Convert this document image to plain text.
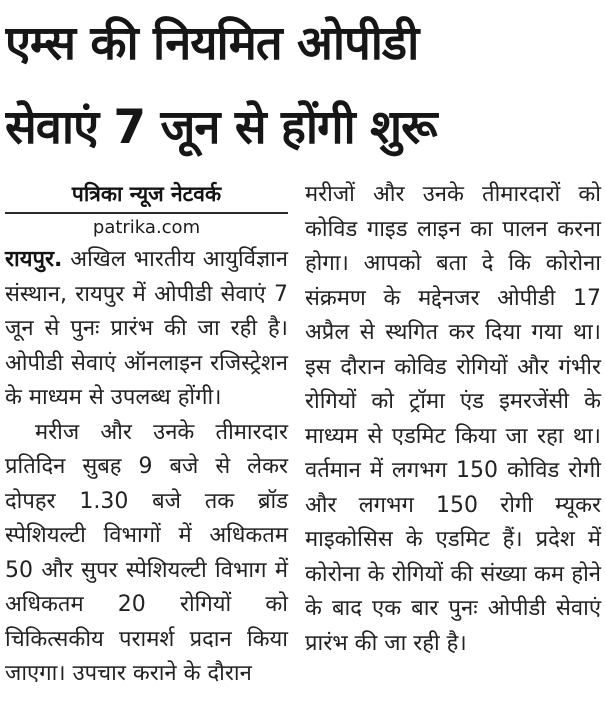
एम्स की नियमित ओपीडी
सेवाएं 7 जून से होंगी शुरू
पत्रिका न्यूज नेटवर्क
patrika.com

रायपुर. अखिल भारतीय आयुर्विज्ञान संस्थान, रायपुर में ओपीडी सेवाएं 7 जून से पुनः प्रारंभ की जा रही है। ओपीडी सेवाएं ऑनलाइन रजिस्ट्रेशन के माध्यम से उपलब्ध होंगी।

मरीज और उनके तीमारदार प्रतिदिन सुबह 9 बजे से लेकर दोपहर 1.30 बजे तक ब्रॉड स्पेशियल्टी विभागों में अधिकतम 50 और सुपर स्पेशियल्टी विभाग में अधिकतम 20 रोगियों को चिकित्सकीय परामर्श प्रदान किया जाएगा। उपचार कराने के दौरान

मरीजों और उनके तीमारदारों को कोविड गाइड लाइन का पालन करना होगा। आपको बता दे कि कोरोना संक्रमण के मद्देनजर ओपीडी 17 अप्रैल से स्थगित कर दिया गया था। इस दौरान कोविड रोगियों और गंभीर रोगियों को ट्रॉमा एंड इमरजेंसी के माध्यम से एडमिट किया जा रहा था। वर्तमान में लगभग 150 कोविड रोगी और लगभग 150 रोगी म्यूकर माइकोसिस के एडमिट हैं। प्रदेश में कोरोना के रोगियों की संख्या कम होने के बाद एक बार पुनः ओपीडी सेवाएं प्रारंभ की जा रही है।
